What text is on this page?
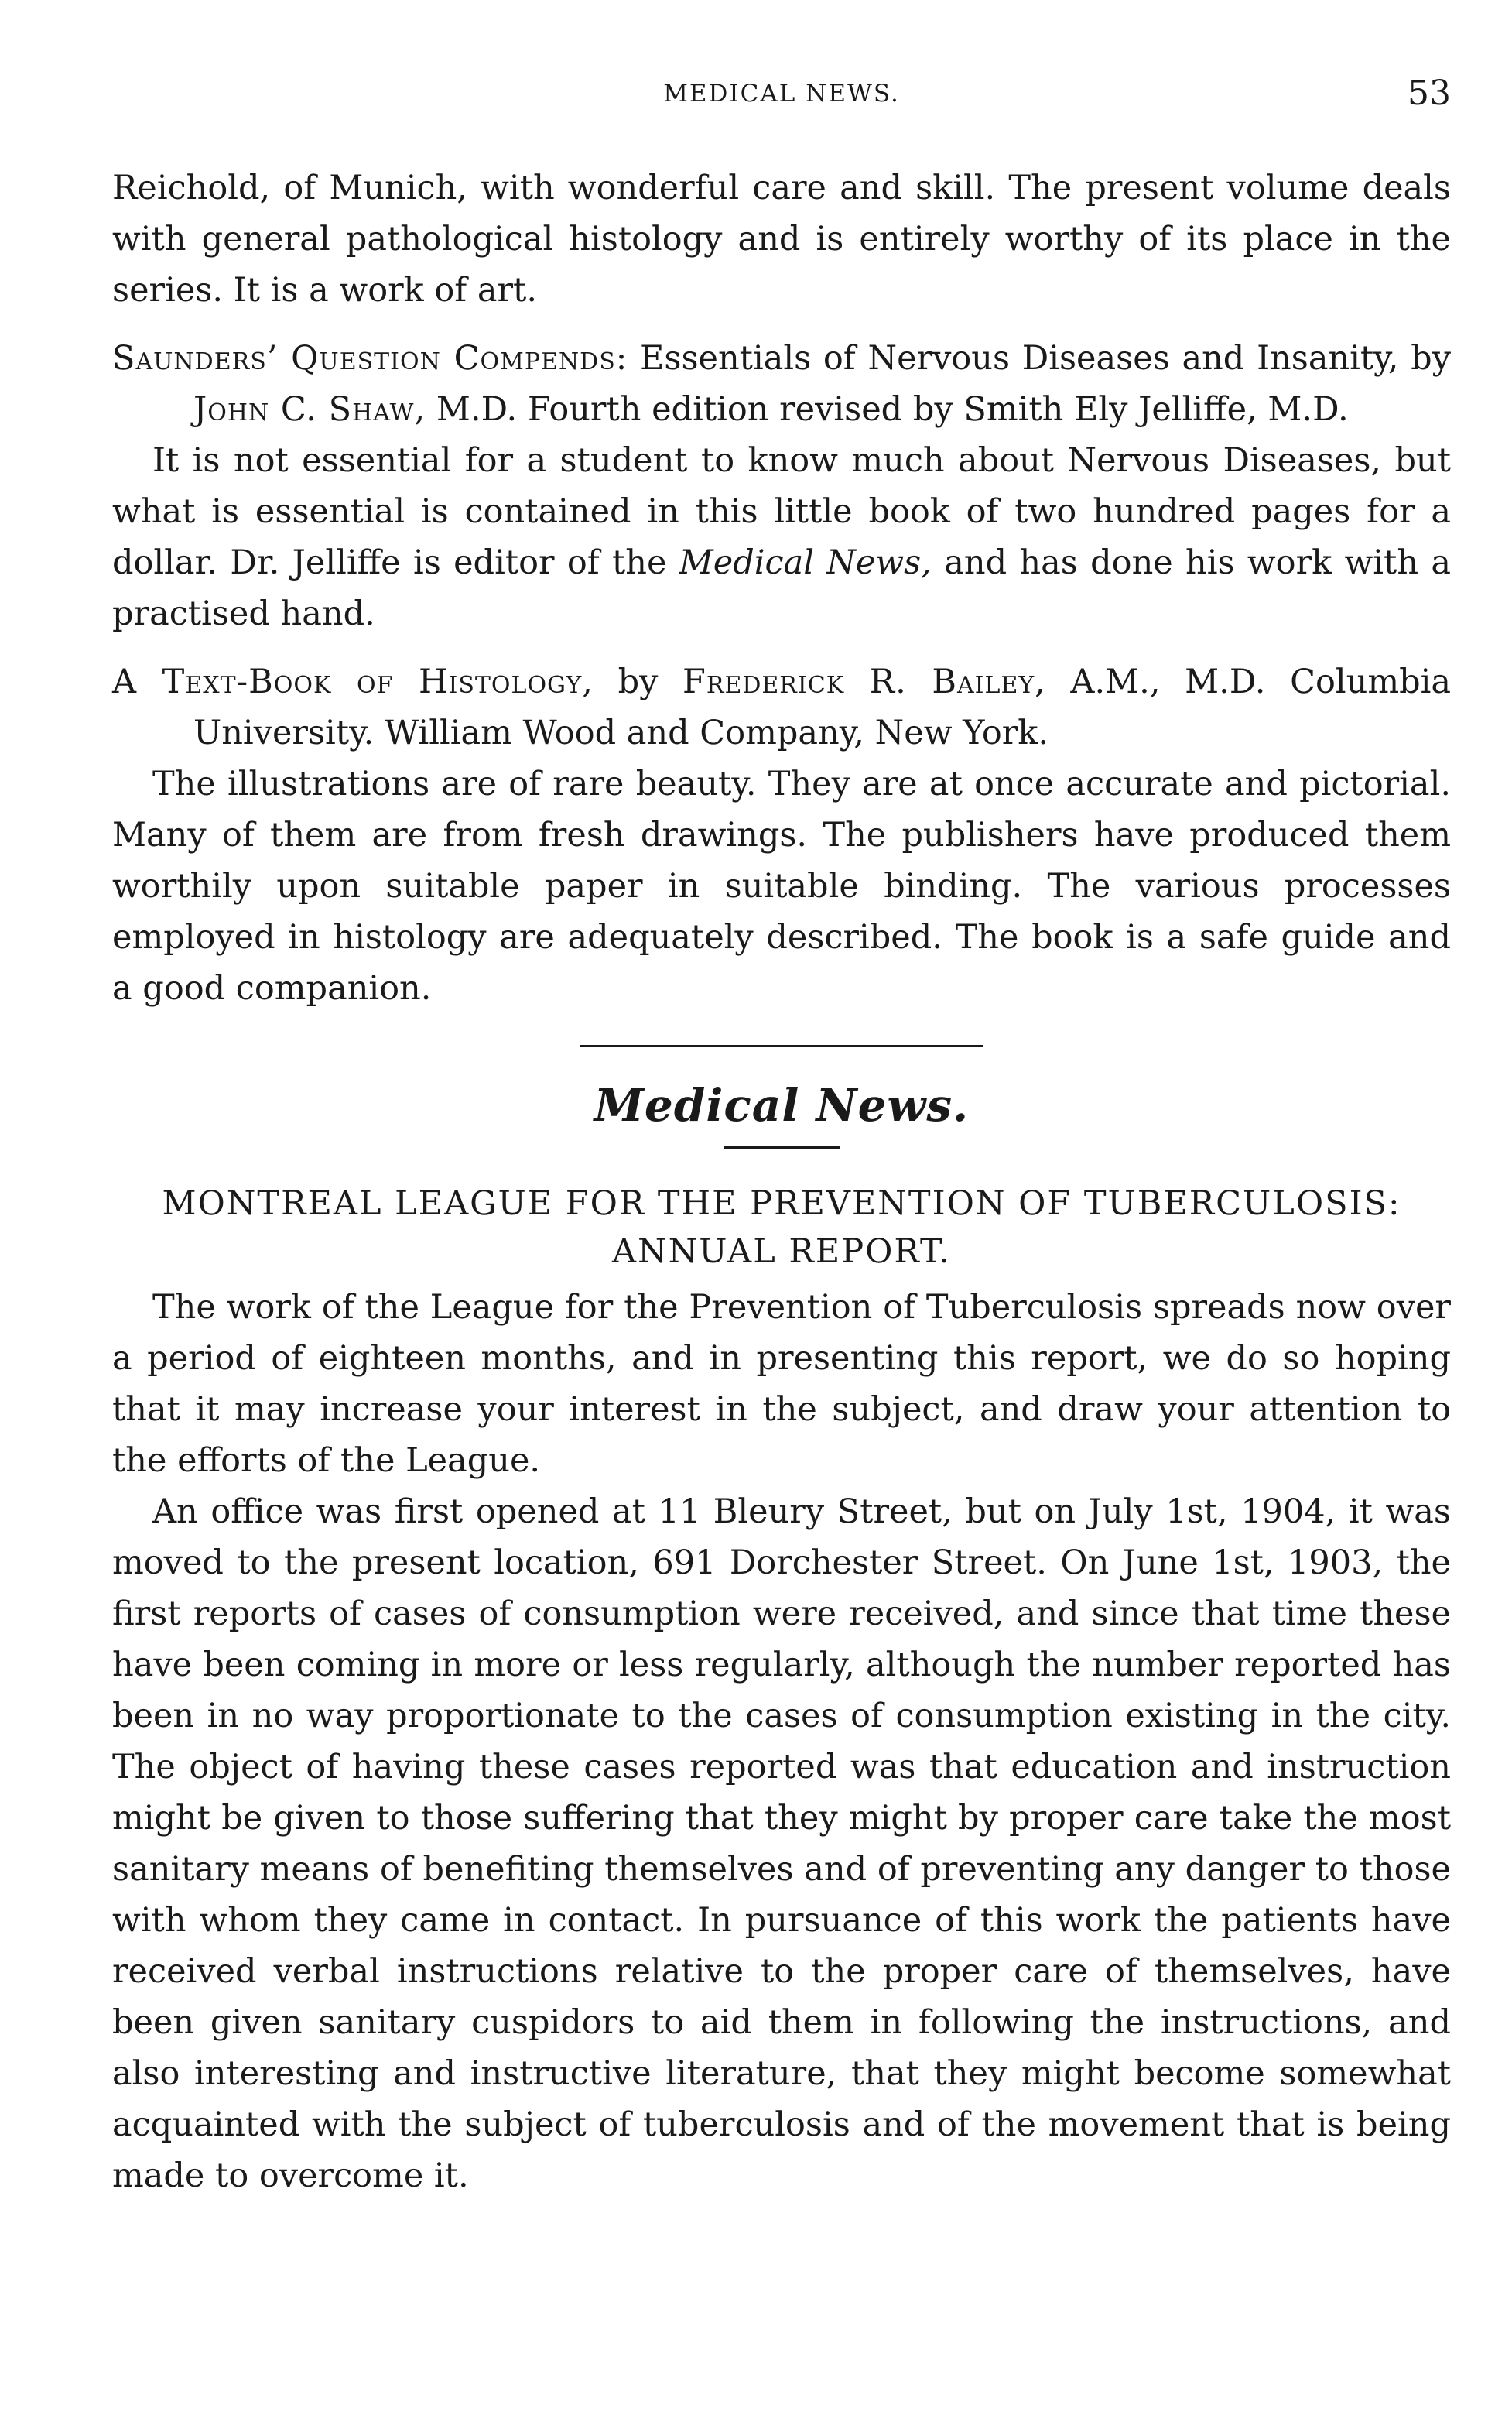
MEDICAL NEWS.	53

Reichold, of Munich, with wonderful care and skill. The present volume deals with general pathological histology and is entirely worthy of its place in the series. It is a work of art.

Saunders’ Question Compends: Essentials of Nervous Diseases and Insanity, by John C. Shaw, M.D. Fourth edition revised by Smith Ely Jelliffe, M.D.

It is not essential for a student to know much about Nervous Diseases, but what is essential is contained in this little book of two hundred pages for a dollar. Dr. Jelliffe is editor of the Medical News, and has done his work with a practised hand.

A Text-Book of Histology, by Frederick R. Bailey, A.M., M.D. Columbia University. William Wood and Company, New York.

The illustrations are of rare beauty. They are at once accurate and pictorial. Many of them are from fresh drawings. The publishers have produced them worthily upon suitable paper in suitable binding. The various processes employed in histology are adequately described. The book is a safe guide and a good companion.

Medical News.
MONTREAL LEAGUE FOR THE PREVENTION OF TUBERCULOSIS: ANNUAL REPORT.

The work of the League for the Prevention of Tuberculosis spreads now over a period of eighteen months, and in presenting this report, we do so hoping that it may increase your interest in the subject, and draw your attention to the efforts of the League.

An office was first opened at 11 Bleury Street, but on July 1st, 1904, it was moved to the present location, 691 Dorchester Street. On June 1st, 1903, the first reports of cases of consumption were received, and since that time these have been coming in more or less regularly, although the number reported has been in no way proportionate to the cases of consumption existing in the city. The object of having these cases reported was that education and instruction might be given to those suffering that they might by proper care take the most sanitary means of benefiting themselves and of preventing any danger to those with whom they came in contact. In pursuance of this work the patients have received verbal instructions relative to the proper care of themselves, have been given sanitary cuspidors to aid them in following the instructions, and also interesting and instructive literature, that they might become somewhat acquainted with the subject of tuberculosis and of the movement that is being made to overcome it.
